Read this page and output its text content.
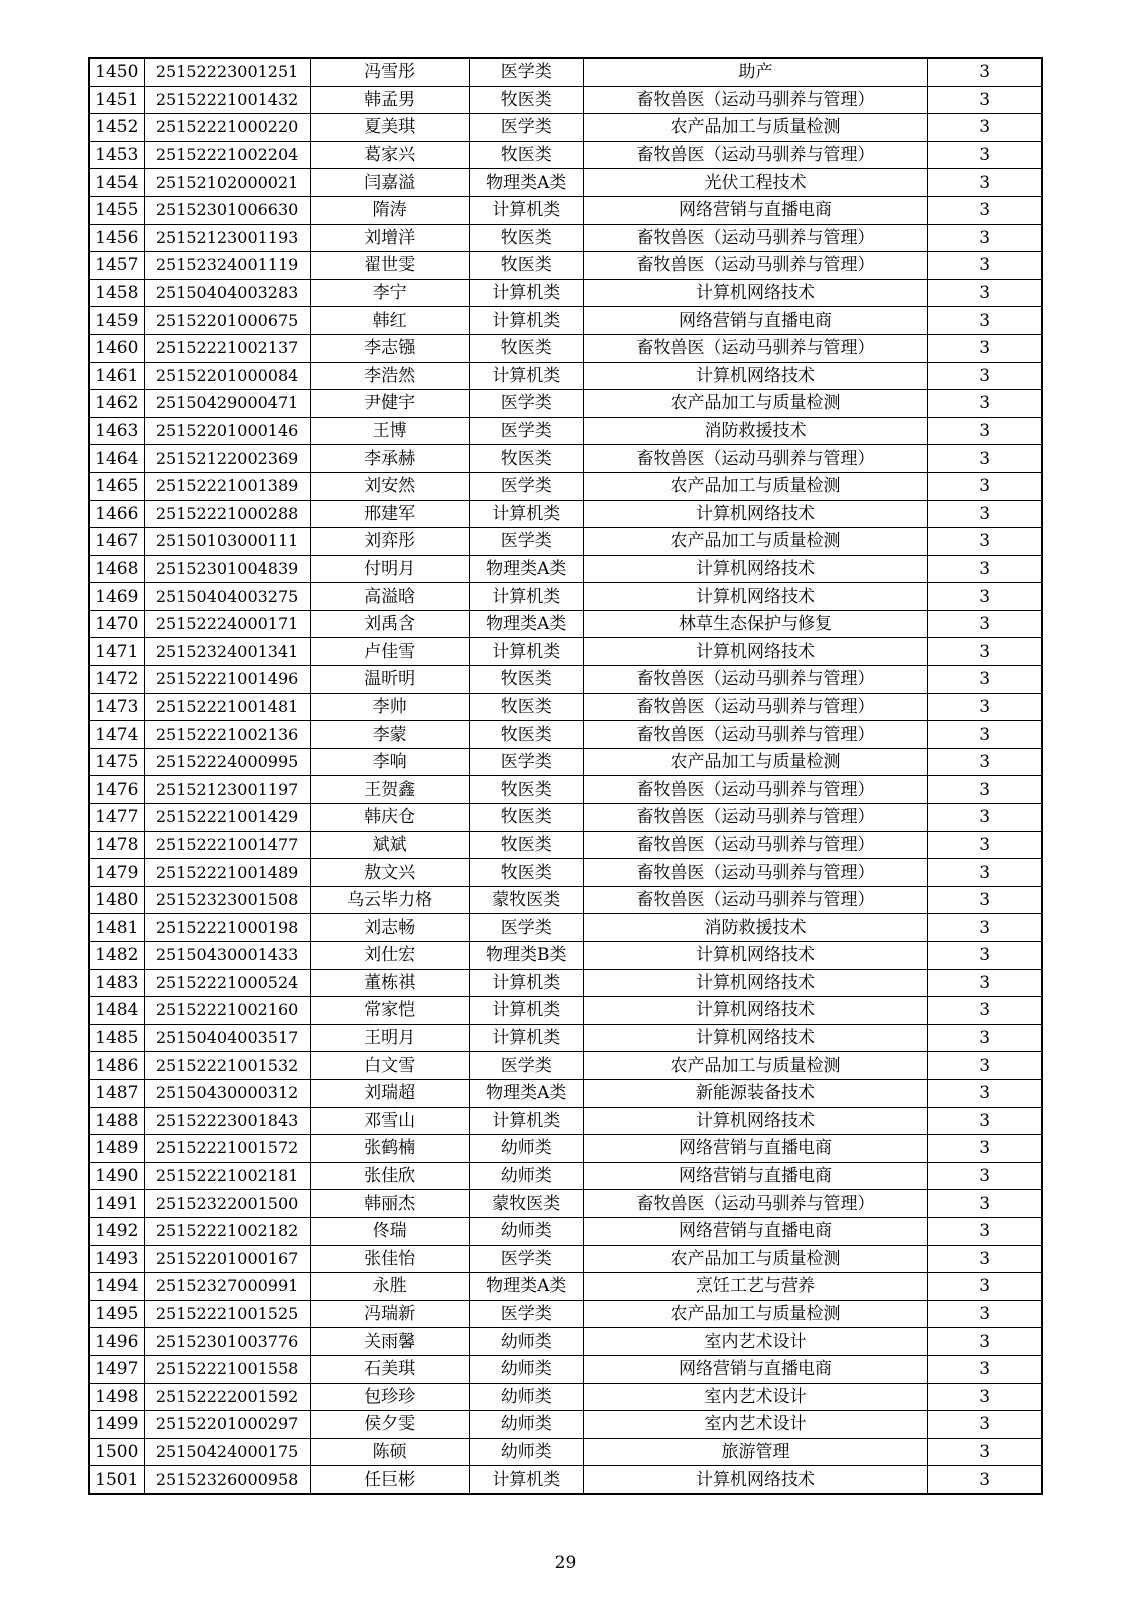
1450	25152223001251	冯雪彤	医学类	助产	3
1451	25152221001432	韩孟男	牧医类	畜牧兽医（运动马驯养与管理）	3
1452	25152221000220	夏美琪	医学类	农产品加工与质量检测	3
1453	25152221002204	葛家兴	牧医类	畜牧兽医（运动马驯养与管理）	3
1454	25152102000021	闫嘉溢	物理类A类	光伏工程技术	3
1455	25152301006630	隋涛	计算机类	网络营销与直播电商	3
1456	25152123001193	刘增洋	牧医类	畜牧兽医（运动马驯养与管理）	3
1457	25152324001119	翟世雯	牧医类	畜牧兽医（运动马驯养与管理）	3
1458	25150404003283	李宁	计算机类	计算机网络技术	3
1459	25152201000675	韩红	计算机类	网络营销与直播电商	3
1460	25152221002137	李志镪	牧医类	畜牧兽医（运动马驯养与管理）	3
1461	25152201000084	李浩然	计算机类	计算机网络技术	3
1462	25150429000471	尹健宇	医学类	农产品加工与质量检测	3
1463	25152201000146	王博	医学类	消防救援技术	3
1464	25152122002369	李承赫	牧医类	畜牧兽医（运动马驯养与管理）	3
1465	25152221001389	刘安然	医学类	农产品加工与质量检测	3
1466	25152221000288	邢建军	计算机类	计算机网络技术	3
1467	25150103000111	刘弈彤	医学类	农产品加工与质量检测	3
1468	25152301004839	付明月	物理类A类	计算机网络技术	3
1469	25150404003275	高溢晗	计算机类	计算机网络技术	3
1470	25152224000171	刘禹含	物理类A类	林草生态保护与修复	3
1471	25152324001341	卢佳雪	计算机类	计算机网络技术	3
1472	25152221001496	温昕明	牧医类	畜牧兽医（运动马驯养与管理）	3
1473	25152221001481	李帅	牧医类	畜牧兽医（运动马驯养与管理）	3
1474	25152221002136	李蒙	牧医类	畜牧兽医（运动马驯养与管理）	3
1475	25152224000995	李响	医学类	农产品加工与质量检测	3
1476	25152123001197	王贺鑫	牧医类	畜牧兽医（运动马驯养与管理）	3
1477	25152221001429	韩庆仓	牧医类	畜牧兽医（运动马驯养与管理）	3
1478	25152221001477	斌斌	牧医类	畜牧兽医（运动马驯养与管理）	3
1479	25152221001489	敖文兴	牧医类	畜牧兽医（运动马驯养与管理）	3
1480	25152323001508	乌云毕力格	蒙牧医类	畜牧兽医（运动马驯养与管理）	3
1481	25152221000198	刘志畅	医学类	消防救援技术	3
1482	25150430001433	刘仕宏	物理类B类	计算机网络技术	3
1483	25152221000524	董栋祺	计算机类	计算机网络技术	3
1484	25152221002160	常家恺	计算机类	计算机网络技术	3
1485	25150404003517	王明月	计算机类	计算机网络技术	3
1486	25152221001532	白文雪	医学类	农产品加工与质量检测	3
1487	25150430000312	刘瑞超	物理类A类	新能源装备技术	3
1488	25152223001843	邓雪山	计算机类	计算机网络技术	3
1489	25152221001572	张鹤楠	幼师类	网络营销与直播电商	3
1490	25152221002181	张佳欣	幼师类	网络营销与直播电商	3
1491	25152322001500	韩丽杰	蒙牧医类	畜牧兽医（运动马驯养与管理）	3
1492	25152221002182	佟瑞	幼师类	网络营销与直播电商	3
1493	25152201000167	张佳怡	医学类	农产品加工与质量检测	3
1494	25152327000991	永胜	物理类A类	烹饪工艺与营养	3
1495	25152221001525	冯瑞新	医学类	农产品加工与质量检测	3
1496	25152301003776	关雨馨	幼师类	室内艺术设计	3
1497	25152221001558	石美琪	幼师类	网络营销与直播电商	3
1498	25152222001592	包珍珍	幼师类	室内艺术设计	3
1499	25152201000297	侯夕雯	幼师类	室内艺术设计	3
1500	25150424000175	陈硕	幼师类	旅游管理	3
1501	25152326000958	任巨彬	计算机类	计算机网络技术	3
29
